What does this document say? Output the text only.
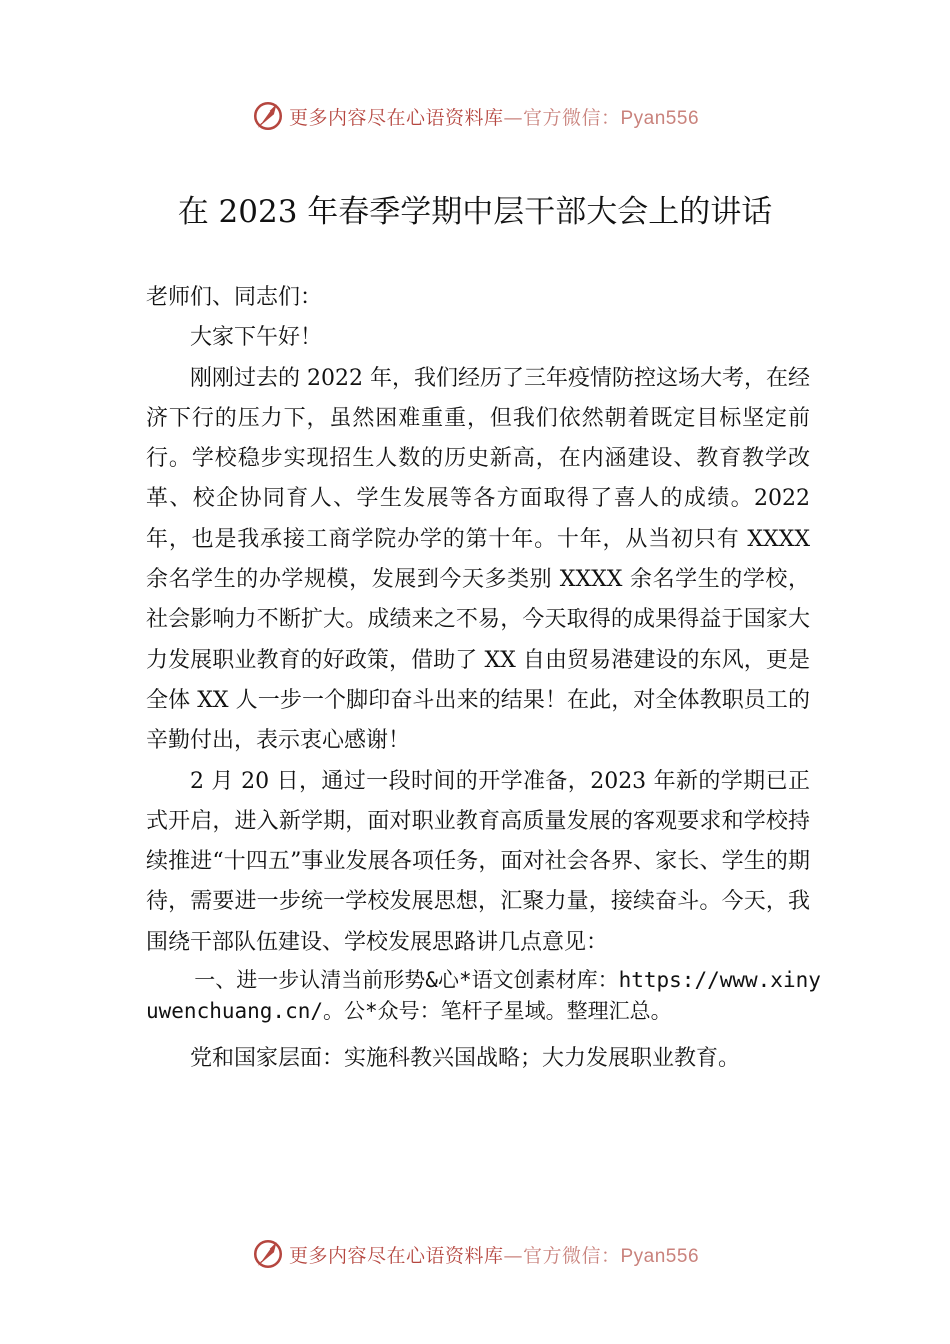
更多内容尽在心语资料库—官方微信：Pyan556
在 2023 年春季学期中层干部大会上的讲话

老师们、同志们：

大家下午好！

刚刚过去的 2022 年，我们经历了三年疫情防控这场大考，在经济下行的压力下，虽然困难重重，但我们依然朝着既定目标坚定前行。学校稳步实现招生人数的历史新高，在内涵建设、教育教学改革、校企协同育人、学生发展等各方面取得了喜人的成绩。2022 年，也是我承接工商学院办学的第十年。十年，从当初只有 XXXX 余名学生的办学规模，发展到今天多类别 XXXX 余名学生的学校，社会影响力不断扩大。成绩来之不易，今天取得的成果得益于国家大力发展职业教育的好政策，借助了 XX 自由贸易港建设的东风，更是全体 XX 人一步一个脚印奋斗出来的结果！在此，对全体教职员工的辛勤付出，表示衷心感谢！

2 月 20 日，通过一段时间的开学准备，2023 年新的学期已正式开启，进入新学期，面对职业教育高质量发展的客观要求和学校持续推进“十四五”事业发展各项任务，面对社会各界、家长、学生的期待，需要进一步统一学校发展思想，汇聚力量，接续奋斗。今天，我围绕干部队伍建设、学校发展思路讲几点意见：

一、进一步认清当前形势&心*语文创素材库：https://www.xinyuwenchuang.cn/。公*众号：笔杆子星域。整理汇总。

党和国家层面：实施科教兴国战略；大力发展职业教育。

更多内容尽在心语资料库—官方微信：Pyan556
